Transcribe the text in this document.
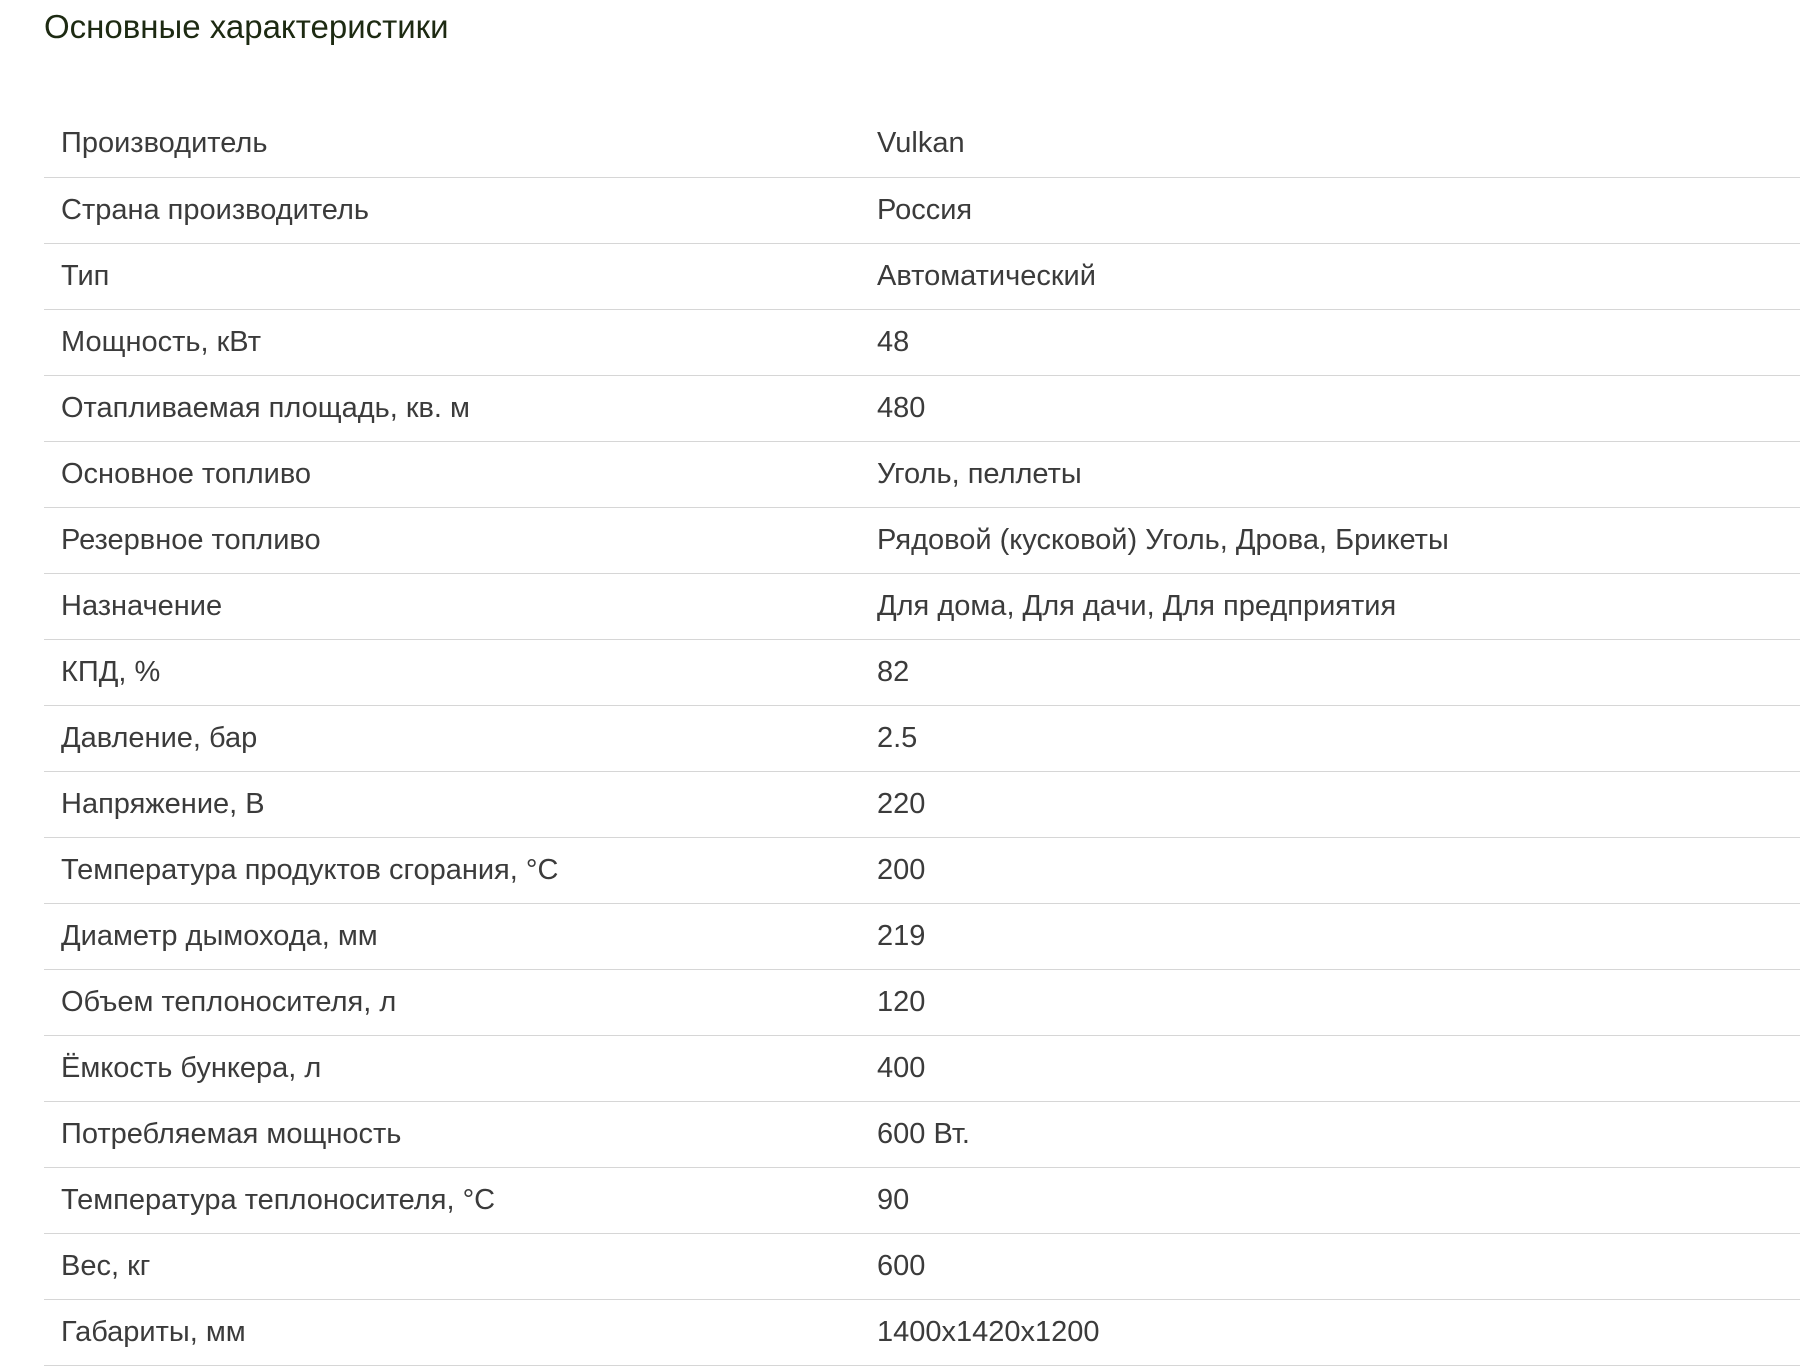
Основные характеристики
Производитель	Vulkan
Страна производитель	Россия
Тип	Автоматический
Мощность, кВт	48
Отапливаемая площадь, кв. м	480
Основное топливо	Уголь, пеллеты
Резервное топливо	Рядовой (кусковой) Уголь, Дрова, Брикеты
Назначение	Для дома, Для дачи, Для предприятия
КПД, %	82
Давление, бар	2.5
Напряжение, В	220
Температура продуктов сгорания, °С	200
Диаметр дымохода, мм	219
Объем теплоносителя, л	120
Ёмкость бункера, л	400
Потребляемая мощность	600 Вт.
Температура теплоносителя, °С	90
Вес, кг	600
Габариты, мм	1400x1420x1200
